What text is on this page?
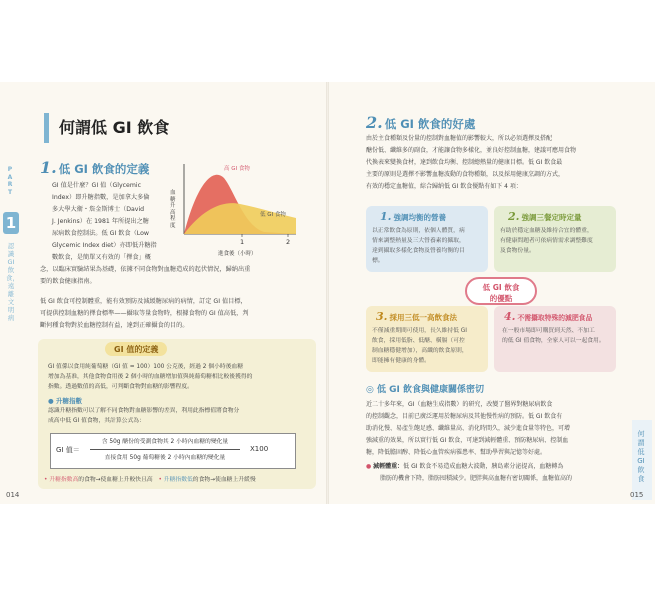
P
A
R
T
1
認識GI飲食，遠離文明病
何謂低 GI 飲食
1. 低 GI 飲食的定義
GI 值是什麼？GI 值（Glycemic
Index）即升糖指數，是加拿大多倫
多大學大衛・詹金斯博士（David
J. Jenkins）在 1981 年所提出之糖
尿病飲食控制法。低 GI 飲食（Low
Glycemic Index diet）亦即低升糖指
數飲食，是簡單又有效的「擇食」概
念，以臨床實驗結果為基礎，依據不同食物對血糖造成的起伏情況，歸納出重
要的飲食健康指南。
低 GI 飲食可控制體重，能有效預防及減緩糖尿病的病情，訂定 GI 值目標，
可提供控制血糖的擇食標準——攝取等量食物時，根據食物的 GI 值高低，判
斷何種食物對於血糖控制有益，達到正確攝食的目的。
1	2
進食後（小時）
高 GI 食物
低 GI 食物
血糖升高程度
GI 值的定義
GI 值係以食用純葡萄糖（GI 值 = 100）100 公克後，經過 2 個小時後血糖
增加為基准，其他食物食用後 2 個小時的血糖增加值與純葡萄糖相比較後獲得的
指數。透過數值的高低，可判斷食物對血糖的影響程度。
● 升糖指數
認識升糖指數可以了解不同食物對血糖影響的差異，利用此指標值將食物分
成高中低 GI 值食物，其計算公式為：
GI 值＝
含 50g 醣份的受測食物其 2 小時內血糖的變化量
直接食用 50g 葡萄糖後 2 小時內血糖的變化量
X100
• 升糖指數高的食物→使血糖上升較快且高 • 升糖指數低的食物→使血糖上升緩慢
014
2. 低 GI 飲食的好處
由於主食種類及份量的控制對血糖值的影響較大，所以必須選擇及搭配
醣份低、纖維多的副食，才能讓食物多樣化，並良好控制血糖，建議可應用食物
代換表來變換食材，達到飲食均衡、控制總熱量的健康目標。低 GI 飲食最
主要的原則是選擇不影響血糖波動的食物種類，以及採用健康烹調的方式，
有效的穩定血糖值，綜合歸納低 GI 飲食優點有如下 4 項：
1. 強調均衡的營養
以正常飲食為原則，依個人體質，病
情來調整熱量及三大營養素的攝取，
達到攝取多樣化食物及營養均衡的目
標。
2. 強調三餐定時定量
有助於穩定血糖及維持合宜的體重，
有健康問題者可依病情需求調整難度
及食物份量。
3. 採用三低一高飲食法
不僅減重期間可使用，長久維持低 GI
飲食，採用低脂、低醣、橫膈（可控
制血糖穩健增加），高纖的飲食原則，
即能擁有健康的身體。
4. 不需攝取特殊的減肥食品
在一般市場即可購買到天然、不加工
的低 GI 值食物，全家人可以一起食用。
低 GI 飲食
的優點
◎ 低 GI 飲食與健康關係密切
近二十多年來，GI（血糖生成指數）的研究，改變了醫界對糖尿病飲食
的控制觀念，目前已廣泛運用於糖尿病及其他慢性病的預防。低 GI 飲食有
助消化慢、易產生飽足感、纖維量高、消化時間久，減少進食量等特色，可增
強減重的效果，所以實行低 GI 飲食，可達到減輕體重、預防糖尿病、控制血
糖，降低膽固醇、降低心血管疾病罹患率、幫助學習與記憶等好處。
● 減輕體重：低 GI 飲食不易造成血糖大波動，胰島素分泌提高，血糖轉為
脂肪的機會下降，脂肪囤積減少。肥胖與高血糖有密切關係，血糖值高的
何謂低GI飲食
015
